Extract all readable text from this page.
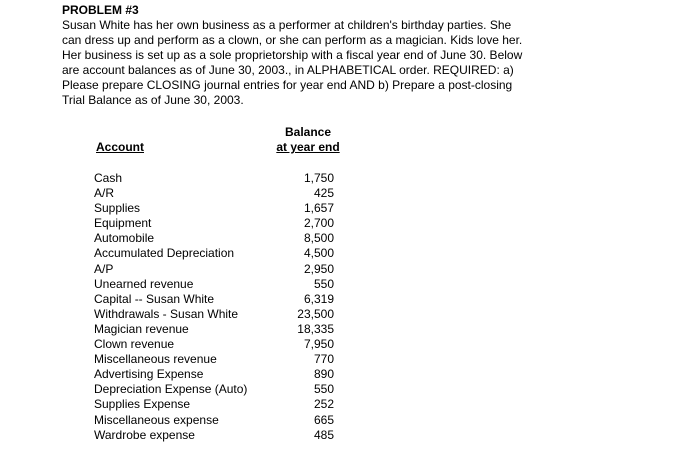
PROBLEM #3
Susan White has her own business as a performer at children's birthday parties. She can dress up and perform as a clown, or she can perform as a magician. Kids love her. Her business is set up as a sole proprietorship with a fiscal year end of June 30. Below are account balances as of June 30, 2003., in ALPHABETICAL order. REQUIRED: a) Please prepare CLOSING journal entries for year end AND b) Prepare a post-closing Trial Balance as of June 30, 2003.
Account
Balance
at year end
Cash	1,750
A/R	425
Supplies	1,657
Equipment	2,700
Automobile	8,500
Accumulated Depreciation	4,500
A/P	2,950
Unearned revenue	550
Capital -- Susan White	6,319
Withdrawals - Susan White	23,500
Magician revenue	18,335
Clown revenue	7,950
Miscellaneous revenue	770
Advertising Expense	890
Depreciation Expense (Auto)	550
Supplies Expense	252
Miscellaneous expense	665
Wardrobe expense	485
